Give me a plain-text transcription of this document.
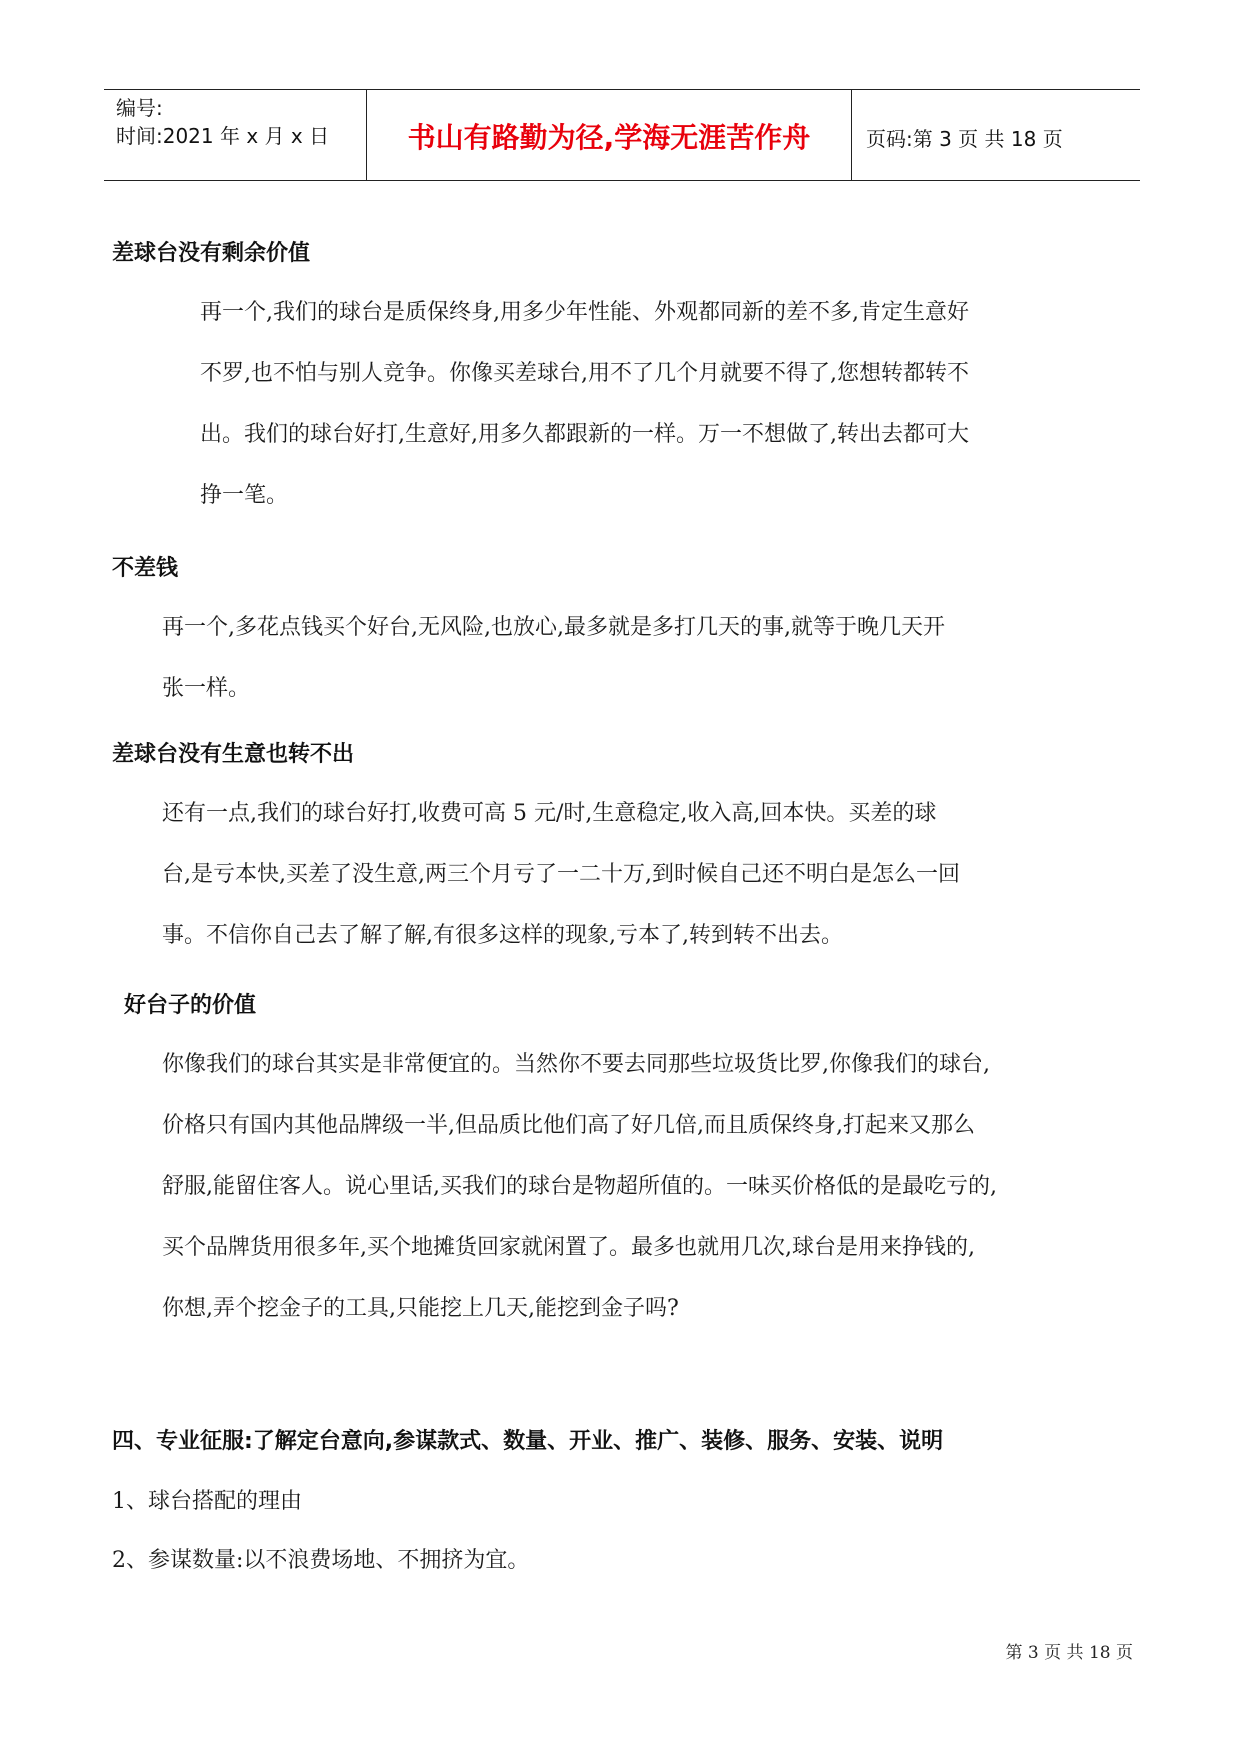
编号:
时间:2021 年 x 月 x 日	书山有路勤为径,学海无涯苦作舟	页码:第 3 页 共 18 页
差球台没有剩余价值
再一个,我们的球台是质保终身,用多少年性能、外观都同新的差不多,肯定生意好
不罗,也不怕与别人竞争。你像买差球台,用不了几个月就要不得了,您想转都转不
出。我们的球台好打,生意好,用多久都跟新的一样。万一不想做了,转出去都可大
挣一笔。
不差钱
再一个,多花点钱买个好台,无风险,也放心,最多就是多打几天的事,就等于晚几天开
张一样。
差球台没有生意也转不出
还有一点,我们的球台好打,收费可高 5 元/时,生意稳定,收入高,回本快。买差的球
台,是亏本快,买差了没生意,两三个月亏了一二十万,到时候自己还不明白是怎么一回
事。不信你自己去了解了解,有很多这样的现象,亏本了,转到转不出去。
好台子的价值
你像我们的球台其实是非常便宜的。当然你不要去同那些垃圾货比罗,你像我们的球台,
价格只有国内其他品牌级一半,但品质比他们高了好几倍,而且质保终身,打起来又那么
舒服,能留住客人。说心里话,买我们的球台是物超所值的。一味买价格低的是最吃亏的,
买个品牌货用很多年,买个地摊货回家就闲置了。最多也就用几次,球台是用来挣钱的,
你想,弄个挖金子的工具,只能挖上几天,能挖到金子吗?
四、专业征服:了解定台意向,参谋款式、数量、开业、推广、装修、服务、安装、说明
1、球台搭配的理由
2、参谋数量:以不浪费场地、不拥挤为宜。
第 3 页 共 18 页
